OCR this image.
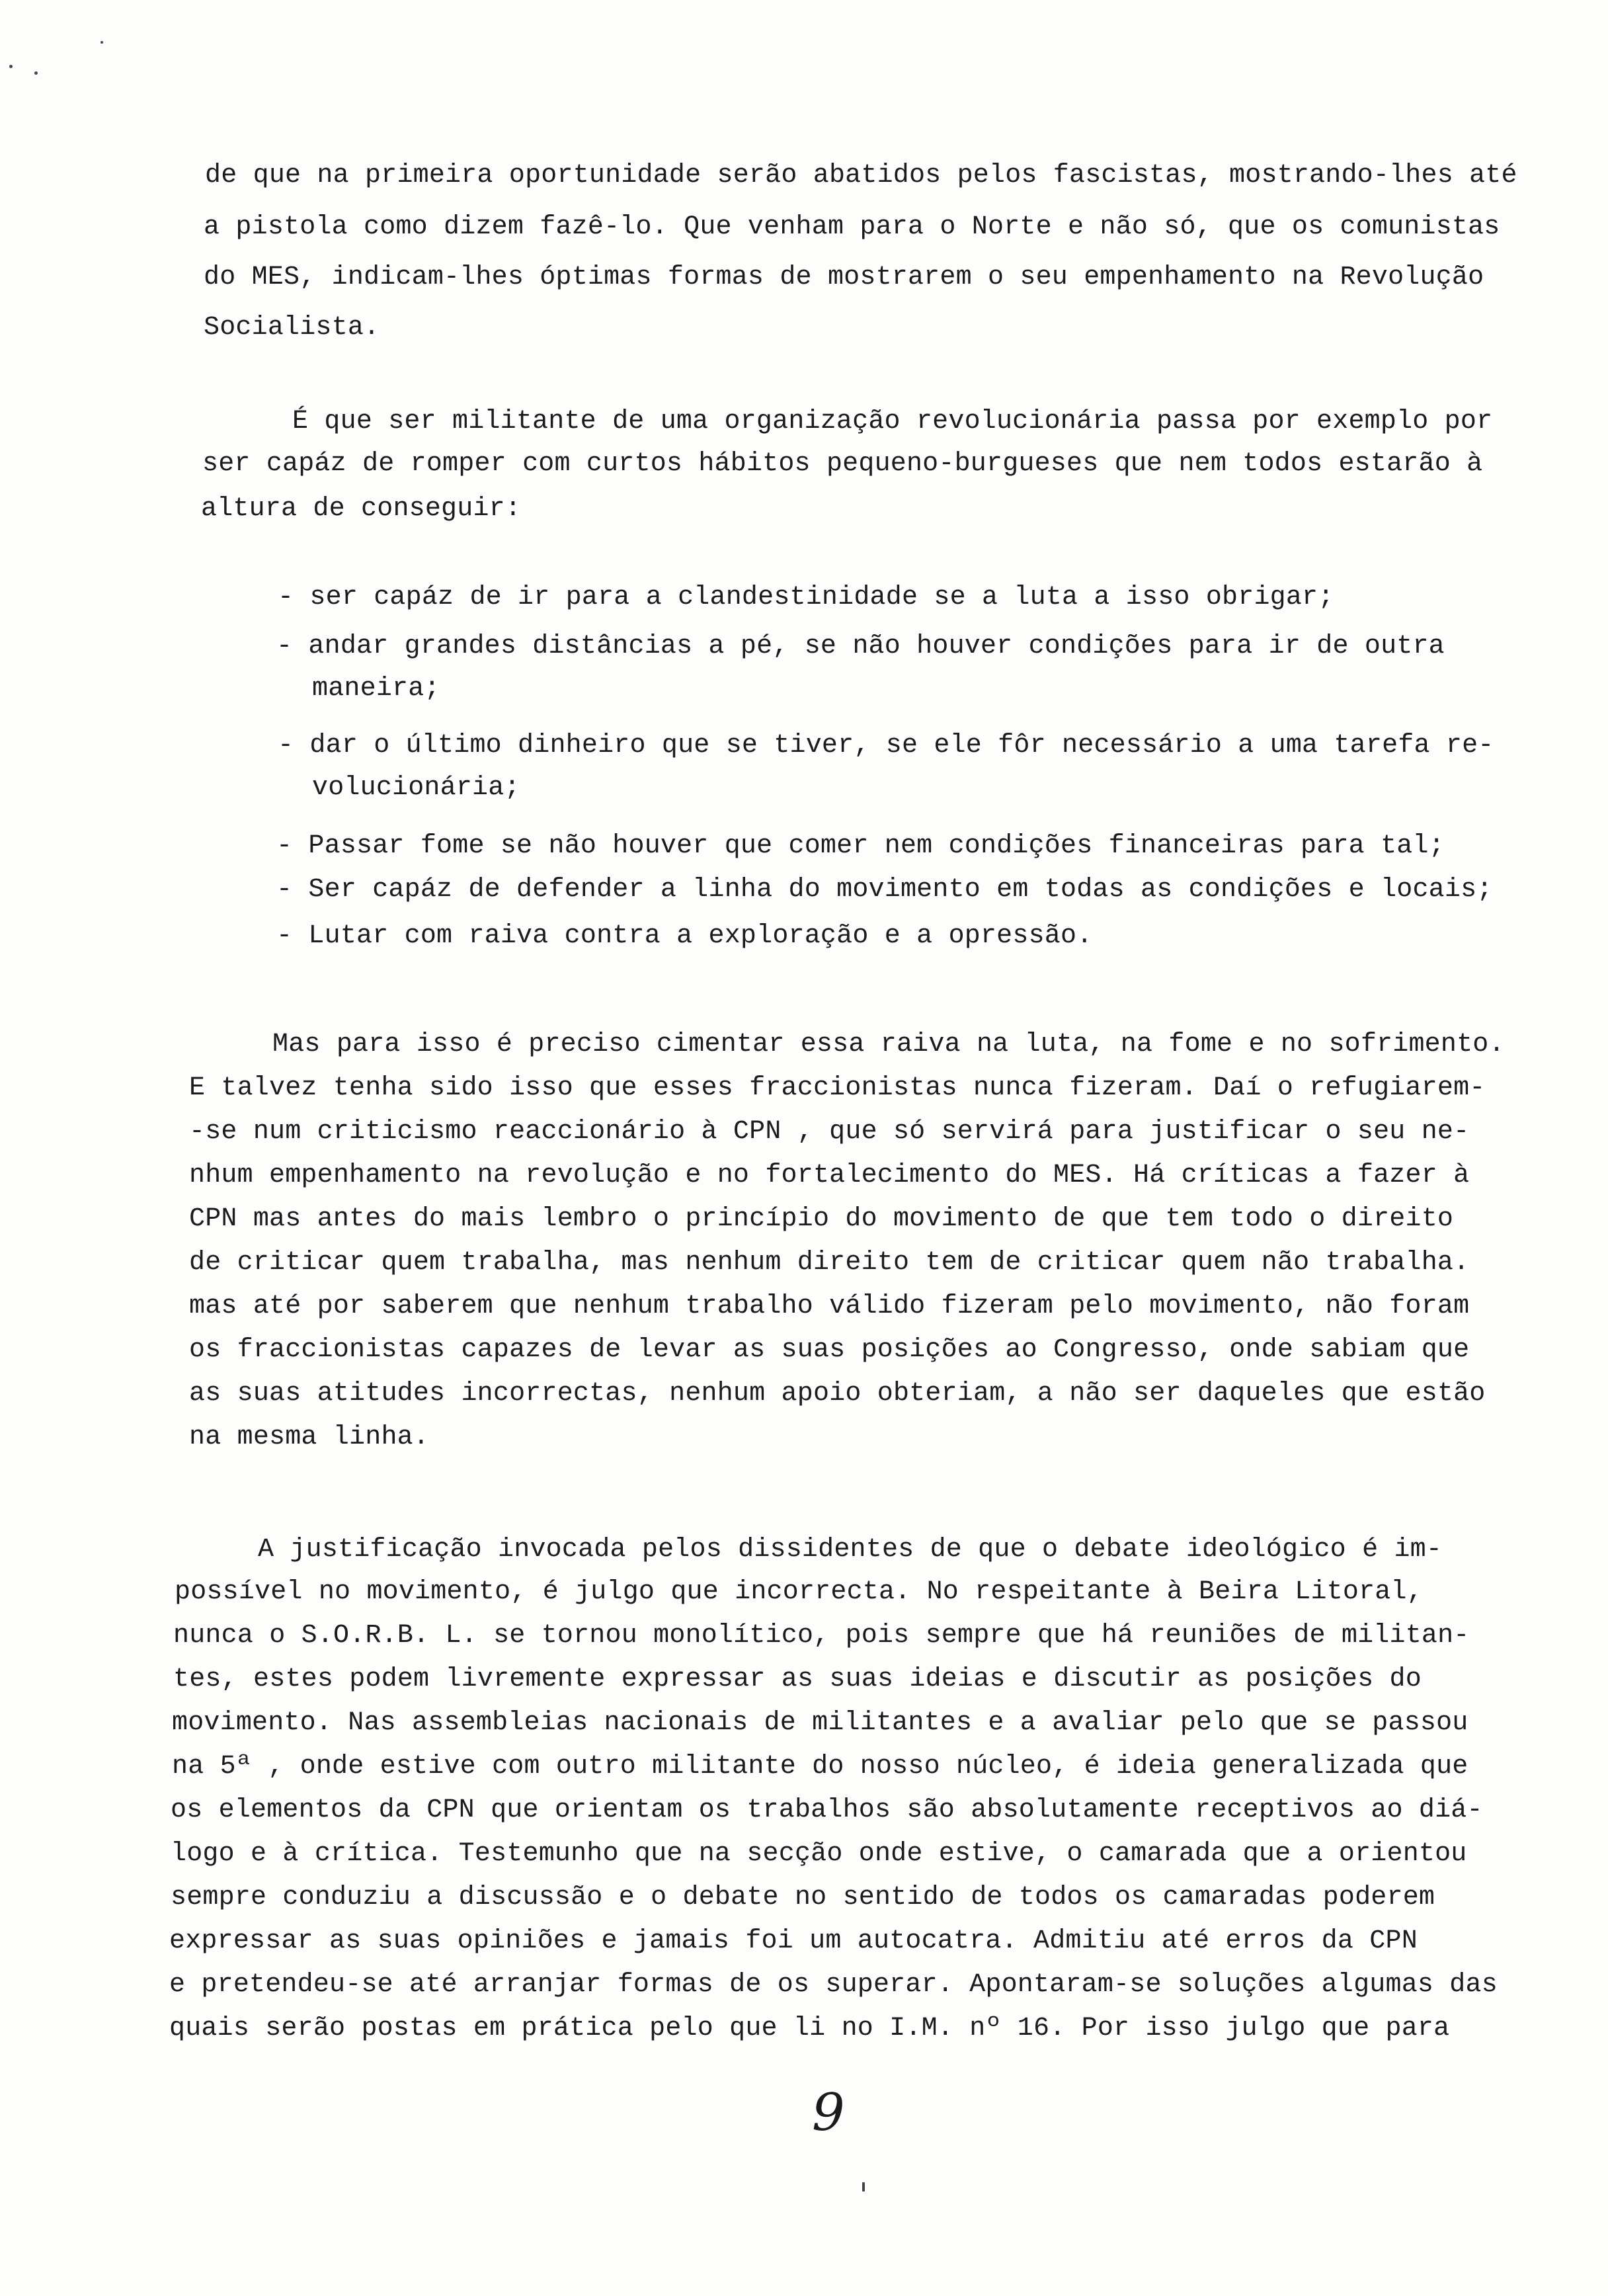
de que na primeira oportunidade serão abatidos pelos fascistas, mostrando-lhes até
a pistola como dizem fazê-lo. Que venham para o Norte e não só, que os comunistas
do MES, indicam-lhes óptimas formas de mostrarem o seu empenhamento na Revolução
Socialista.
É que ser militante de uma organização revolucionária passa por exemplo por
ser capáz de romper com curtos hábitos pequeno-burgueses que nem todos estarão à
altura de conseguir:
- ser capáz de ir para a clandestinidade se a luta a isso obrigar;
- andar grandes distâncias a pé, se não houver condições para ir de outra
maneira;
- dar o último dinheiro que se tiver, se ele fôr necessário a uma tarefa re-
volucionária;
- Passar fome se não houver que comer nem condições financeiras para tal;
- Ser capáz de defender a linha do movimento em todas as condições e locais;
- Lutar com raiva contra a exploração e a opressão.
Mas para isso é preciso cimentar essa raiva na luta, na fome e no sofrimento.
E talvez tenha sido isso que esses fraccionistas nunca fizeram. Daí o refugiarem-
-se num criticismo reaccionário à CPN , que só servirá para justificar o seu ne-
nhum empenhamento na revolução e no fortalecimento do MES. Há críticas a fazer à
CPN mas antes do mais lembro o princípio do movimento de que tem todo o direito
de criticar quem trabalha, mas nenhum direito tem de criticar quem não trabalha.
mas até por saberem que nenhum trabalho válido fizeram pelo movimento, não foram
os fraccionistas capazes de levar as suas posições ao Congresso, onde sabiam que
as suas atitudes incorrectas, nenhum apoio obteriam, a não ser daqueles que estão
na mesma linha.
A justificação invocada pelos dissidentes de que o debate ideológico é im-
possível no movimento, é julgo que incorrecta. No respeitante à Beira Litoral,
nunca o S.O.R.B. L. se tornou monolítico, pois sempre que há reuniões de militan-
tes, estes podem livremente expressar as suas ideias e discutir as posições do
movimento. Nas assembleias nacionais de militantes e a avaliar pelo que se passou
na 5ª , onde estive com outro militante do nosso núcleo, é ideia generalizada que
os elementos da CPN que orientam os trabalhos são absolutamente receptivos ao diá-
logo e à crítica. Testemunho que na secção onde estive, o camarada que a orientou
sempre conduziu a discussão e o debate no sentido de todos os camaradas poderem
expressar as suas opiniões e jamais foi um autocatra. Admitiu até erros da CPN
e pretendeu-se até arranjar formas de os superar. Apontaram-se soluções algumas das
quais serão postas em prática pelo que li no I.M. nº 16. Por isso julgo que para
9
